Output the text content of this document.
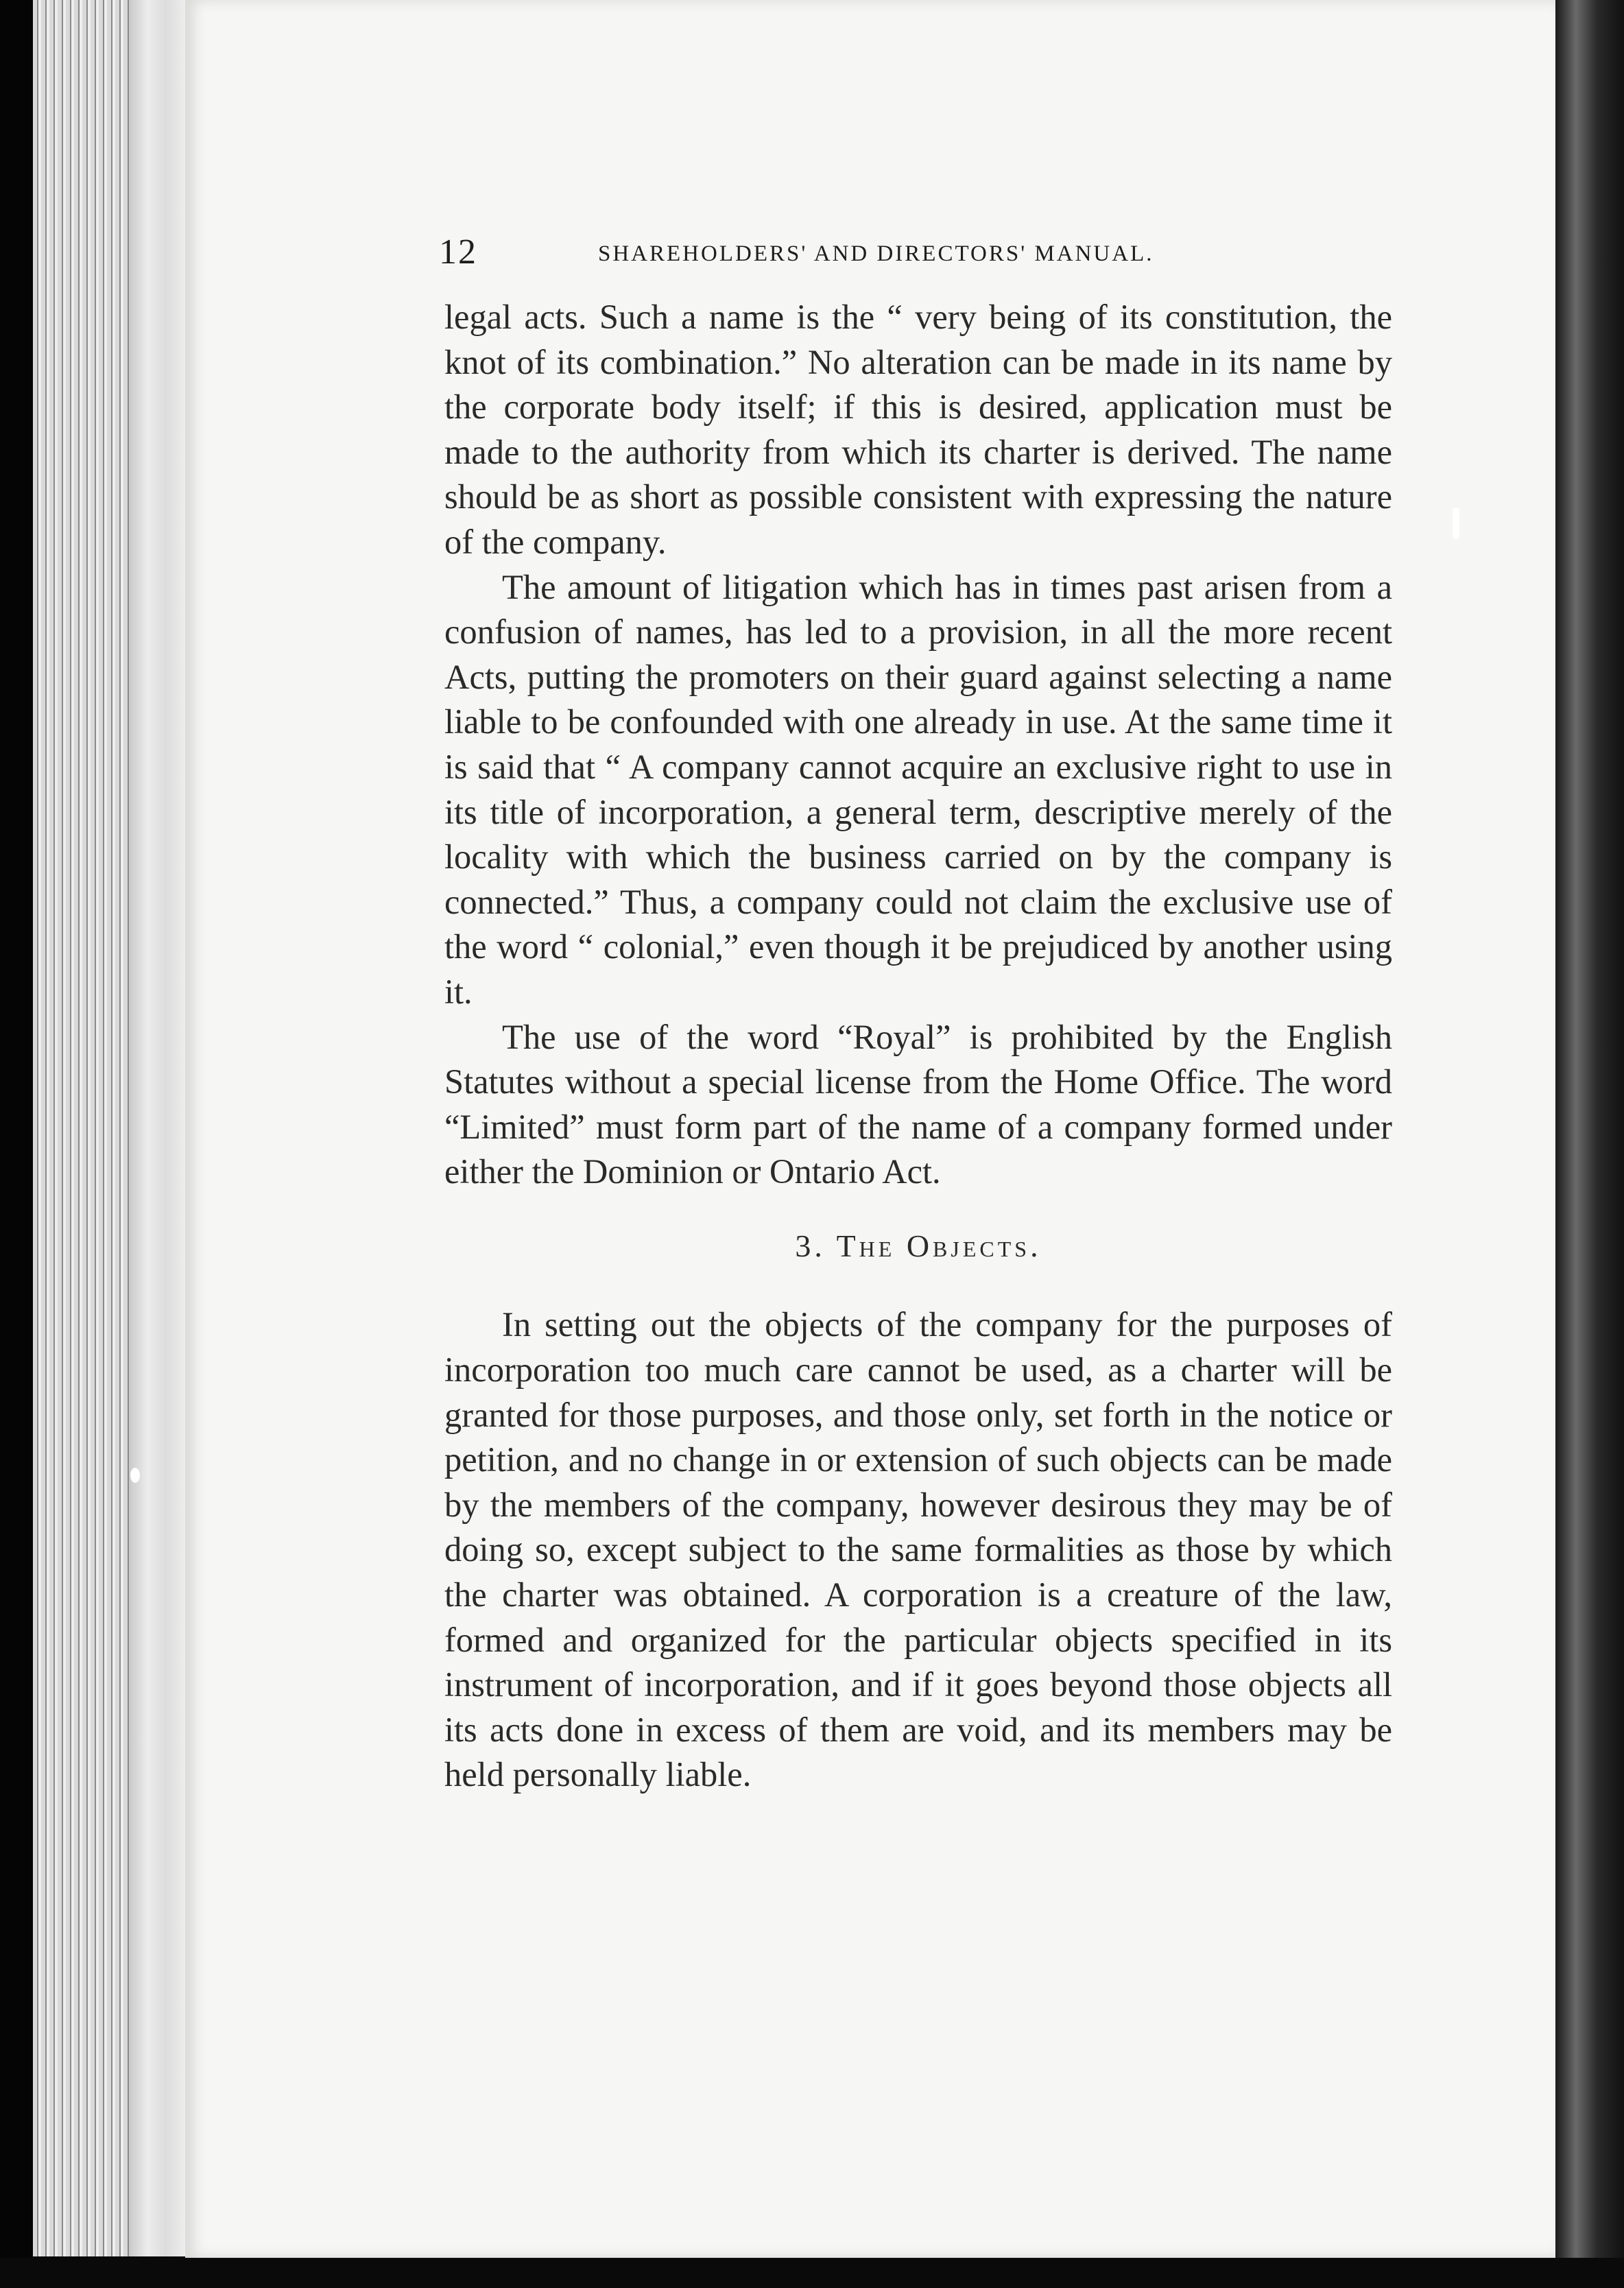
12	SHAREHOLDERS' AND DIRECTORS' MANUAL.

legal acts. Such a name is the “ very being of its constitution, the knot of its combination.” No alteration can be made in its name by the corporate body itself; if this is desired, application must be made to the authority from which its charter is derived. The name should be as short as possible consistent with expressing the nature of the company.

The amount of litigation which has in times past arisen from a confusion of names, has led to a provision, in all the more recent Acts, putting the promoters on their guard against selecting a name liable to be confounded with one already in use. At the same time it is said that “ A company cannot acquire an exclusive right to use in its title of incorporation, a general term, descriptive merely of the locality with which the business carried on by the company is connected.” Thus, a company could not claim the exclusive use of the word “ colonial,” even though it be prejudiced by another using it.

The use of the word “Royal” is prohibited by the English Statutes without a special license from the Home Office. The word “Limited” must form part of the name of a company formed under either the Dominion or Ontario Act.

3. The Objects.

In setting out the objects of the company for the purposes of incorporation too much care cannot be used, as a charter will be granted for those purposes, and those only, set forth in the notice or petition, and no change in or extension of such objects can be made by the members of the company, however desirous they may be of doing so, except subject to the same formalities as those by which the charter was obtained. A corporation is a creature of the law, formed and organized for the particular objects specified in its instrument of incorporation, and if it goes beyond those objects all its acts done in excess of them are void, and its members may be held personally liable.
